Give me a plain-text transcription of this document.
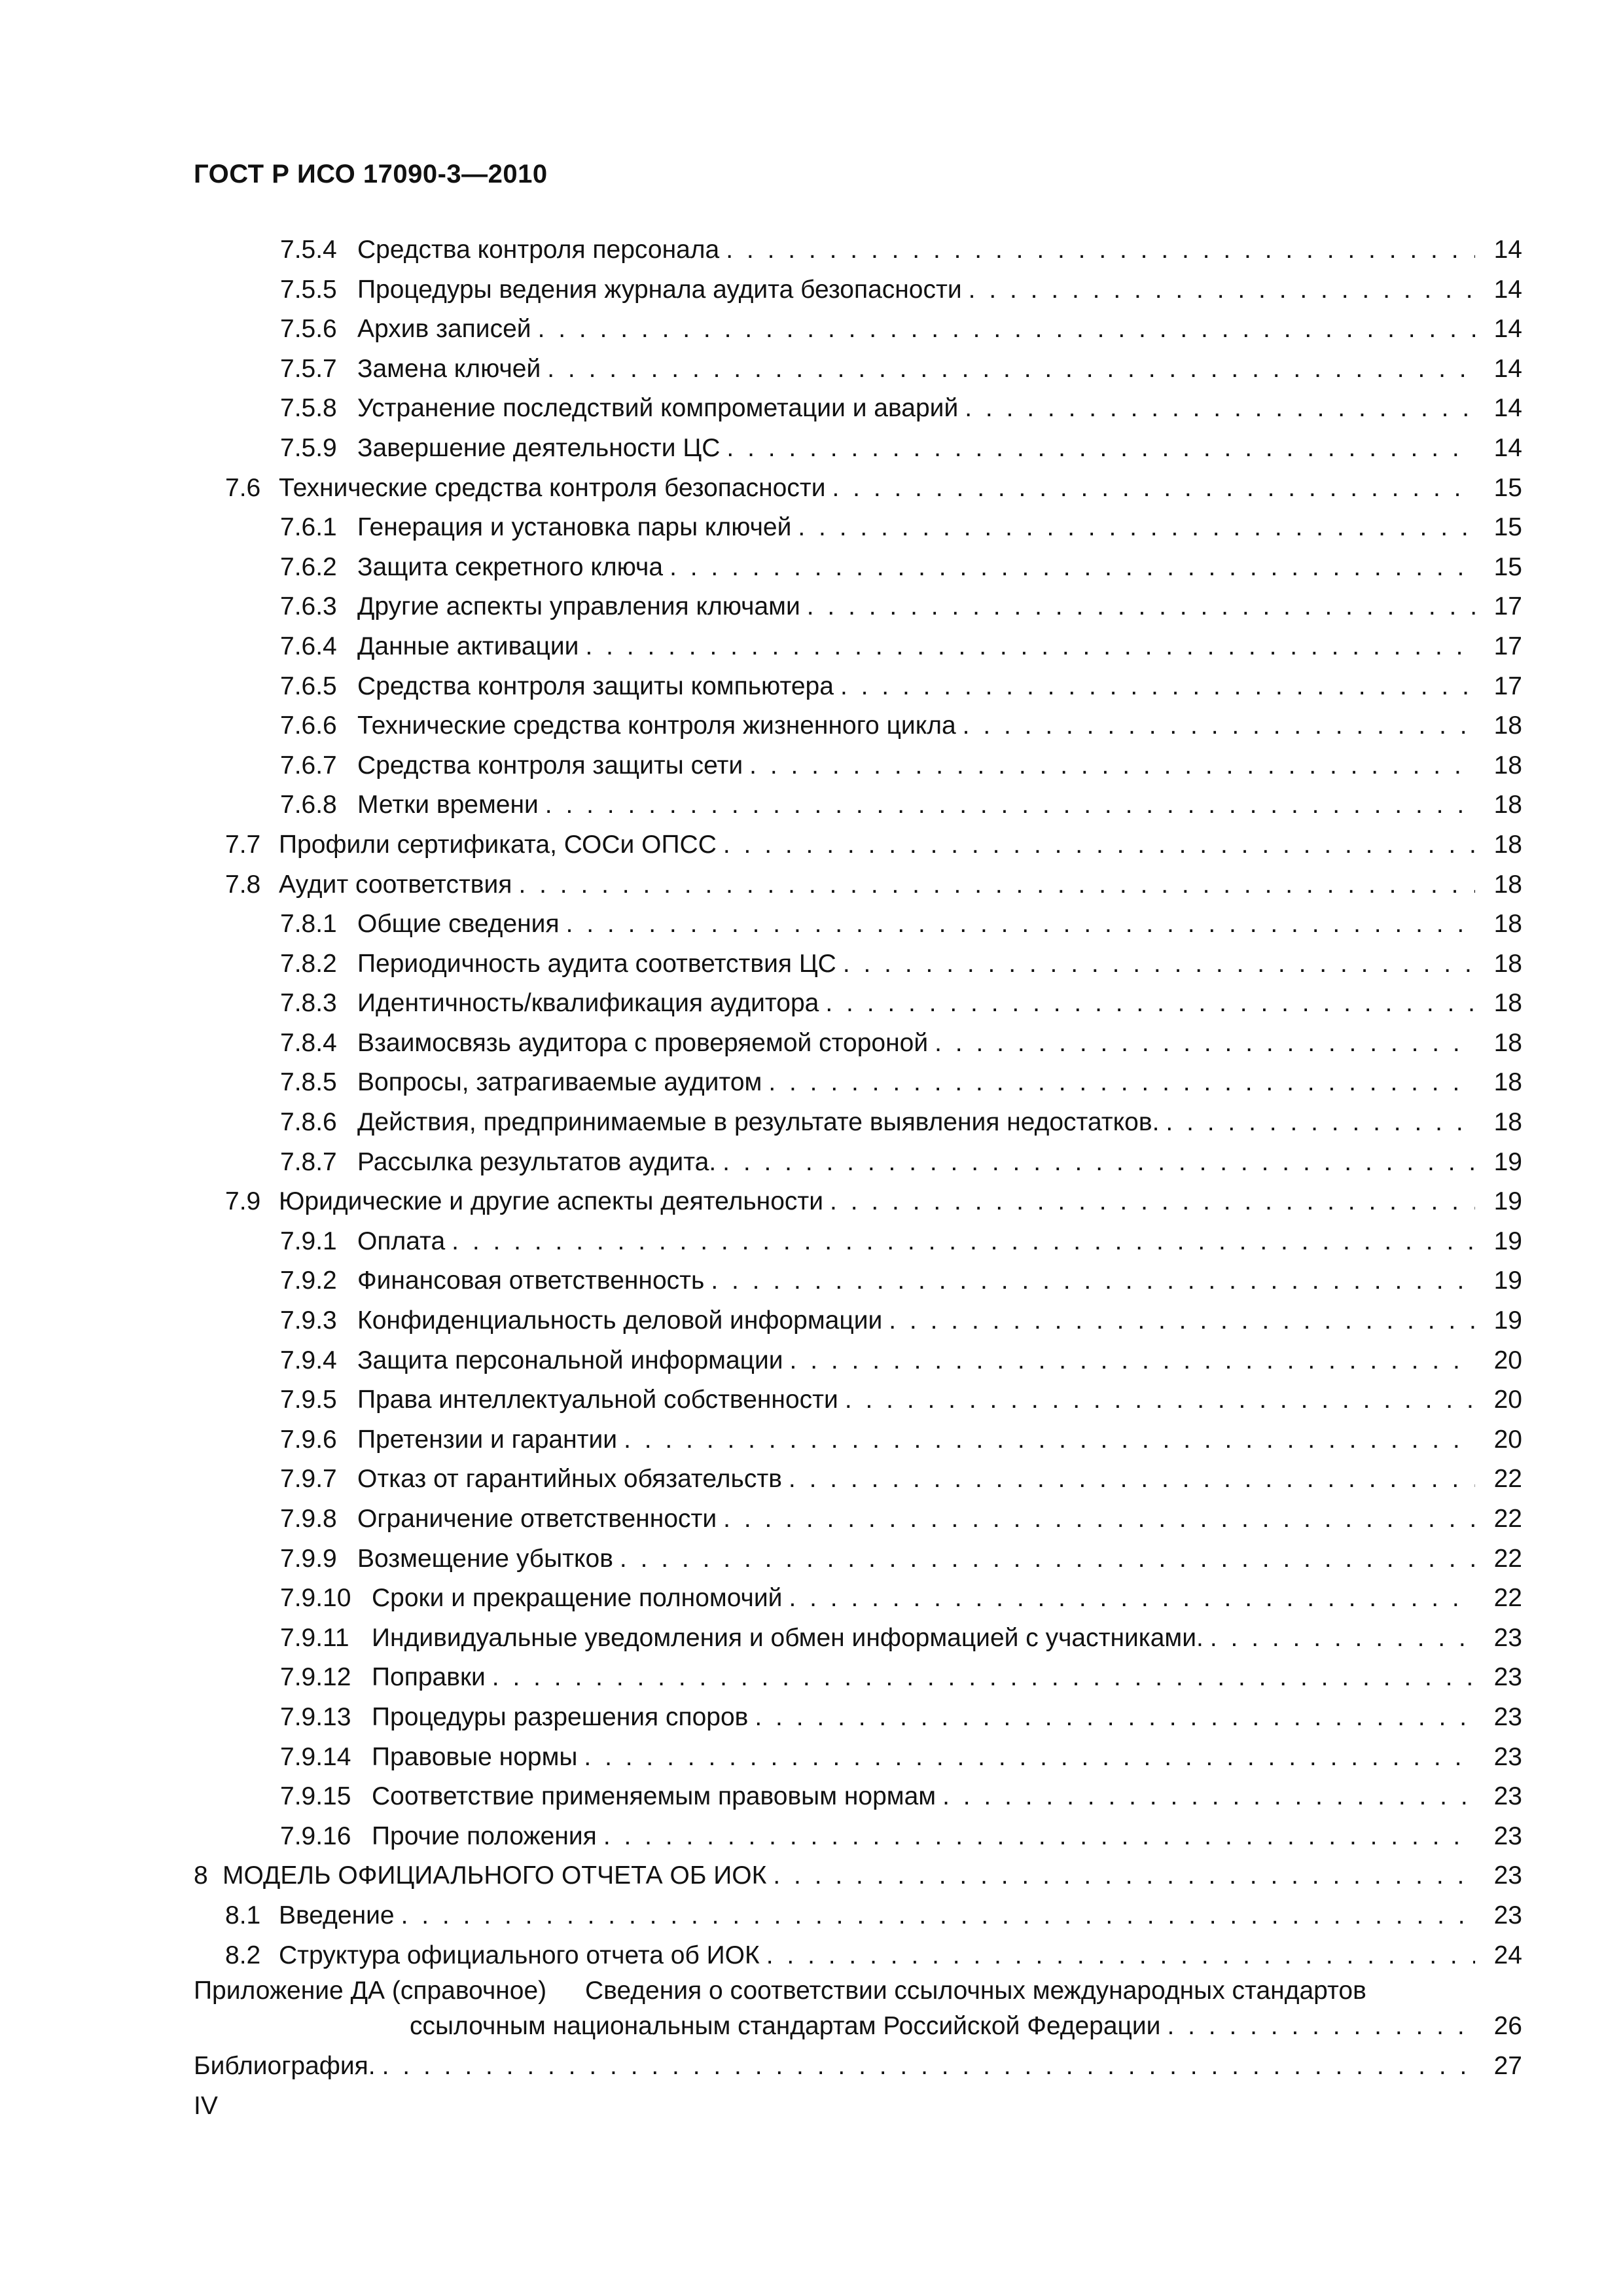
ГОСТ Р ИСО 17090-3—2010
7.5.4 Средства контроля персонала . . .	14
7.5.5 Процедуры ведения журнала аудита безопасности . . .	14
7.5.6 Архив записей . . .	14
7.5.7 Замена ключей . . .	14
7.5.8 Устранение последствий компрометации и аварий . . .	14
7.5.9 Завершение деятельности ЦС . . .	14
7.6 Технические средства контроля безопасности . . .	15
7.6.1 Генерация и установка пары ключей . . .	15
7.6.2 Защита секретного ключа . . .	15
7.6.3 Другие аспекты управления ключами . . .	17
7.6.4 Данные активации . . .	17
7.6.5 Средства контроля защиты компьютера . . .	17
7.6.6 Технические средства контроля жизненного цикла . . .	18
7.6.7 Средства контроля защиты сети . . .	18
7.6.8 Метки времени . . .	18
7.7 Профили сертификата, СОСи ОПСС . . .	18
7.8 Аудит соответствия . . .	18
7.8.1 Общие сведения . . .	18
7.8.2 Периодичность аудита соответствия ЦС . . .	18
7.8.3 Идентичность/квалификация аудитора . . .	18
7.8.4 Взаимосвязь аудитора с проверяемой стороной . . .	18
7.8.5 Вопросы, затрагиваемые аудитом . . .	18
7.8.6 Действия, предпринимаемые в результате выявления недостатков. . . .	18
7.8.7 Рассылка результатов аудита. . . .	19
7.9 Юридические и другие аспекты деятельности . . .	19
7.9.1 Оплата . . .	19
7.9.2 Финансовая ответственность . . .	19
7.9.3 Конфиденциальность деловой информации . . .	19
7.9.4 Защита персональной информации . . .	20
7.9.5 Права интеллектуальной собственности . . .	20
7.9.6 Претензии и гарантии . . .	20
7.9.7 Отказ от гарантийных обязательств . . .	22
7.9.8 Ограничение ответственности . . .	22
7.9.9 Возмещение убытков . . .	22
7.9.10 Сроки и прекращение полномочий . . .	22
7.9.11 Индивидуальные уведомления и обмен информацией с участниками. . . .	23
7.9.12 Поправки . . .	23
7.9.13 Процедуры разрешения споров . . .	23
7.9.14 Правовые нормы . . .	23
7.9.15 Соответствие применяемым правовым нормам . . .	23
7.9.16 Прочие положения . . .	23
8 МОДЕЛЬ ОФИЦИАЛЬНОГО ОТЧЕТА ОБ ИОК . . .	23
8.1 Введение . . .	23
8.2 Структура официального отчета об ИОК . . .	24
Приложение ДА (справочное) Сведения о соответствии ссылочных международных стандартов
ссылочным национальным стандартам Российской Федерации . . .	26
Библиография. . . .	27
IV
